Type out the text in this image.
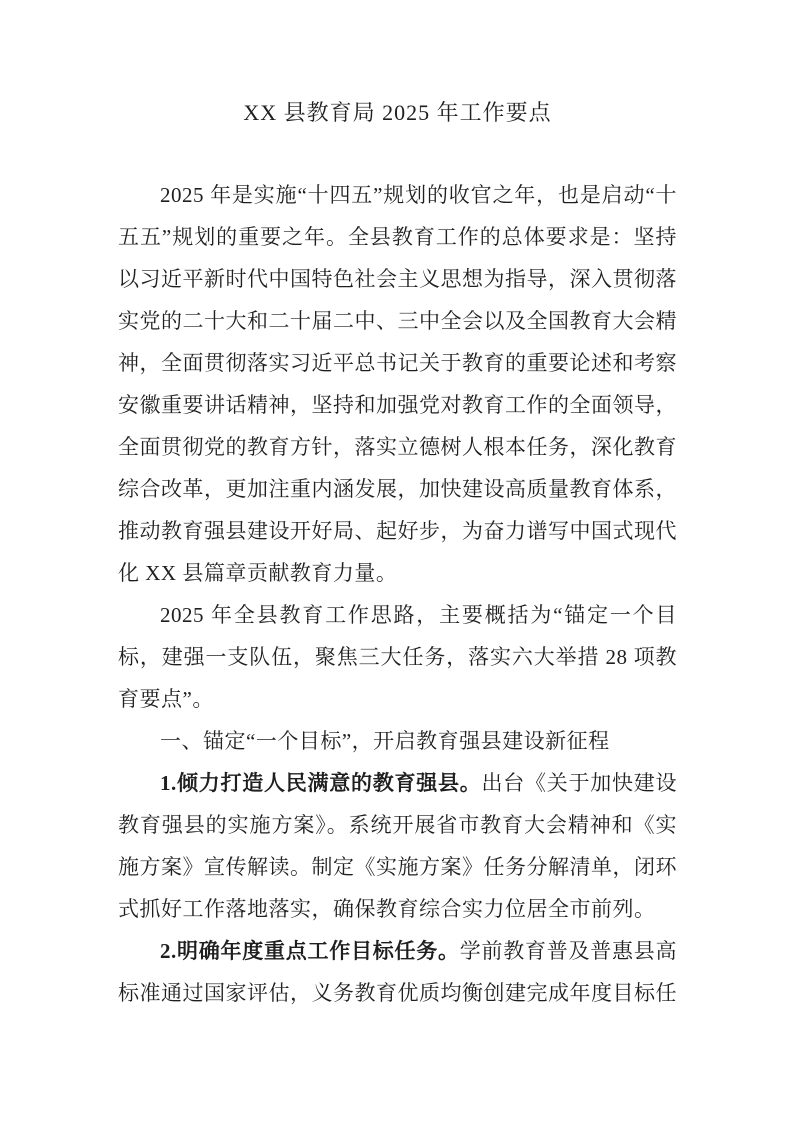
XX 县教育局 2025 年工作要点

2025 年是实施“十四五”规划的收官之年，也是启动“十五五”规划的重要之年。全县教育工作的总体要求是：坚持以习近平新时代中国特色社会主义思想为指导，深入贯彻落实党的二十大和二十届二中、三中全会以及全国教育大会精神，全面贯彻落实习近平总书记关于教育的重要论述和考察安徽重要讲话精神，坚持和加强党对教育工作的全面领导，全面贯彻党的教育方针，落实立德树人根本任务，深化教育综合改革，更加注重内涵发展，加快建设高质量教育体系，推动教育强县建设开好局、起好步，为奋力谱写中国式现代化 XX 县篇章贡献教育力量。

2025 年全县教育工作思路，主要概括为“锚定一个目标，建强一支队伍，聚焦三大任务，落实六大举措 28 项教育要点”。

一、锚定“一个目标”，开启教育强县建设新征程

1.倾力打造人民满意的教育强县。出台《关于加快建设教育强县的实施方案》。系统开展省市教育大会精神和《实施方案》宣传解读。制定《实施方案》任务分解清单，闭环式抓好工作落地落实，确保教育综合实力位居全市前列。

2.明确年度重点工作目标任务。学前教育普及普惠县高标准通过国家评估，义务教育优质均衡创建完成年度目标任
